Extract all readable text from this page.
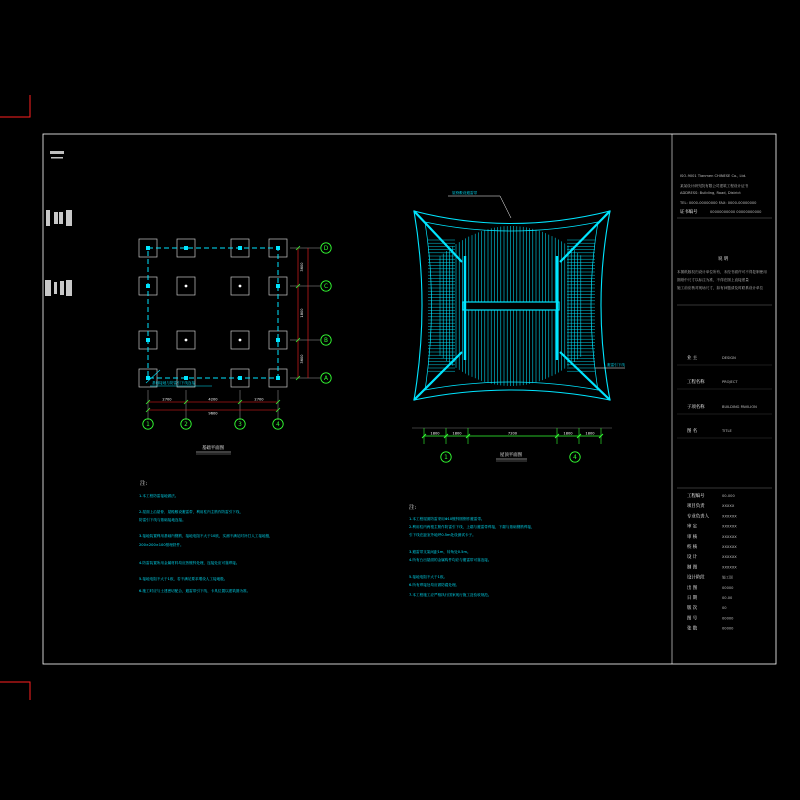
基础接地与防雷引下线连接
2700	4200	2700
9600
3600
1800
3600
1	2	3	4
D
C
B
A
基础平面图
屋脊敷设避雷带
避雷引下线
1800	1800	7200	1800	1800
1	4
屋顶平面图
注:
1.本工程防雷接地做法。
2.屋面上沿屋脊、屋檐敷设避雷带，利用柱内主筋作防雷引下线，
防雷引下线与基础接地连接。
3.接地装置利用基础内钢筋，接地电阻不大于10欧，实测不满足时补打人工接地极，
200×200×100预埋铁件。
4.防雷装置所用金属材料均应热镀锌处理，连接处应可靠焊接。
5.接地电阻不大于1欧，若不满足要求增设人工接地极。
6.施工时应与土建密切配合，避雷带引下线、卡具位置以建筑图为准。
注:
1.本工程屋面防雷采用Φ10镀锌圆钢作避雷带。
2.利用柱内两根主筋作防雷引下线，上端与避雷带焊接，下端与基础钢筋焊接，
引下线在距室外地坪0.5m处设测试卡子。
3.避雷带支架间距1m，转角处0.5m。
4.所有凸出屋面的金属构件均应与避雷带可靠连接。
5.接地电阻不大于1欧。
6.所有焊接处均应做防腐处理。
7.本工程施工应严格执行国家现行施工及验收规范。
ISO-9001 Tianmen CHINESE Co., Ltd.
某某设计研究院有限公司建筑工程设计证书
ADDRESS: Building, Road, District
TEL: 0000-00000000 FAX: 0000-00000000
证书编号	00000000000 00000000000
说 明
本图纸版权归设计单位所有，未经书面许可不得复制使用
图纸中尺寸以标注为准，不得在图上直接度量
施工前应核对现场尺寸，如有问题请及时联系设计单位
业 主	DESIGN
工程名称	PROJECT
子项名称	BUILDING PAVILION
图 名	TITLE
工程编号	00-000
项目负责	XXXXX
专业负责人	XXXXXX
审 定	XXXXXX
审 核	XXXXXX
校 核	XXXXXX
设 计	XXXXXX
制 图	XXXXXX
设计阶段	施工图
出 图	00000
日 期	00.00
版 次	00
图 号	00000
张 数	00000
